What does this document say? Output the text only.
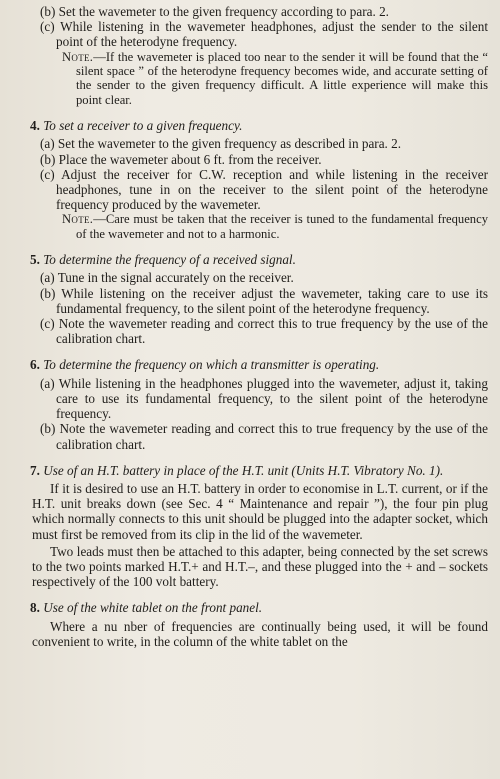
(b) Set the wavemeter to the given frequency according to para. 2.

(c) While listening in the wavemeter headphones, adjust the sender to the silent point of the heterodyne frequency.

Note.—If the wavemeter is placed too near to the sender it will be found that the “ silent space ” of the heterodyne frequency becomes wide, and accurate setting of the sender to the given frequency difficult. A little experience will make this point clear.

4. To set a receiver to a given frequency.

(a) Set the wavemeter to the given frequency as described in para. 2.

(b) Place the wavemeter about 6 ft. from the receiver.

(c) Adjust the receiver for C.W. reception and while listening in the receiver headphones, tune in on the receiver to the silent point of the heterodyne frequency produced by the wavemeter.

Note.—Care must be taken that the receiver is tuned to the fundamental frequency of the wavemeter and not to a harmonic.

5. To determine the frequency of a received signal.

(a) Tune in the signal accurately on the receiver.

(b) While listening on the receiver adjust the wavemeter, taking care to use its fundamental frequency, to the silent point of the heterodyne frequency.

(c) Note the wavemeter reading and correct this to true frequency by the use of the calibration chart.

6. To determine the frequency on which a transmitter is operating.

(a) While listening in the headphones plugged into the wavemeter, adjust it, taking care to use its fundamental frequency, to the silent point of the heterodyne frequency.

(b) Note the wavemeter reading and correct this to true frequency by the use of the calibration chart.

7. Use of an H.T. battery in place of the H.T. unit (Units H.T. Vibratory No. 1).

If it is desired to use an H.T. battery in order to economise in L.T. current, or if the H.T. unit breaks down (see Sec. 4 “ Maintenance and repair ”), the four pin plug which normally connects to this unit should be plugged into the adapter socket, which must first be removed from its clip in the lid of the wavemeter.

Two leads must then be attached to this adapter, being connected by the set screws to the two points marked H.T.+ and H.T.–, and these plugged into the + and – sockets respectively of the 100 volt battery.

8. Use of the white tablet on the front panel.

Where a nu nber of frequencies are continually being used, it will be found convenient to write, in the column of the white tablet on the
